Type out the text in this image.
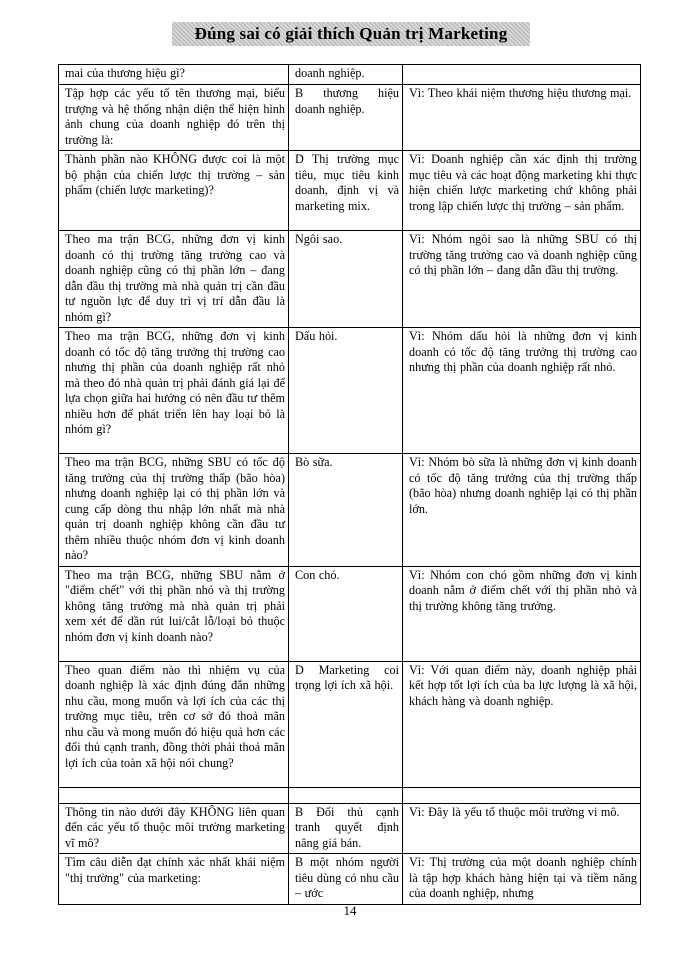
Đúng sai có giải thích Quản trị Marketing
mai của thương hiệu gì?	doanh nghiệp.	
Tập hợp các yếu tố tên thương mại, biểu trượng và hệ thống nhận diện thể hiện hình ảnh chung của doanh nghiệp đó trên thị trường là:	B thương hiệu doanh nghiệp.	Vì: Theo khái niệm thương hiệu thương mại.
Thành phần nào KHÔNG được coi là một bộ phận của chiến lược thị trường – sản phẩm (chiến lược marketing)?	D Thị trường mục tiêu, mục tiêu kinh doanh, định vị và marketing mix.	Vì: Doanh nghiệp cần xác định thị trường mục tiêu và các hoạt động marketing khi thực hiện chiến lược marketing chứ không phải trong lập chiến lược thị trường – sản phẩm.
Theo ma trận BCG, những đơn vị kinh doanh có thị trường tăng trưởng cao và doanh nghiệp cũng có thị phần lớn – đang dẫn đầu thị trường mà nhà quản trị cần đầu tư nguồn lực để duy trì vị trí dẫn đầu là nhóm gì?	Ngôi sao.	Vì: Nhóm ngôi sao là những SBU có thị trường tăng trưởng cao và doanh nghiệp cũng có thị phần lớn – đang dẫn đầu thị trường.
Theo ma trận BCG, những đơn vị kinh doanh có tốc độ tăng trưởng thị trường cao nhưng thị phần của doanh nghiệp rất nhỏ mà theo đó nhà quản trị phải đánh giá lại để lựa chọn giữa hai hướng có nên đầu tư thêm nhiều hơn để phát triển lên hay loại bỏ là nhóm gì?	Dấu hỏi.	Vì: Nhóm dấu hỏi là những đơn vị kinh doanh có tốc độ tăng trưởng thị trường cao nhưng thị phần của doanh nghiệp rất nhỏ.
Theo ma trận BCG, những SBU có tốc độ tăng trưởng của thị trường thấp (bão hòa) nhưng doanh nghiệp lại có thị phần lớn và cung cấp dòng thu nhập lớn nhất mà nhà quản trị doanh nghiệp không cần đầu tư thêm nhiều thuộc nhóm đơn vị kinh doanh nào?	Bò sữa.	Vì: Nhóm bò sữa là những đơn vị kinh doanh có tốc độ tăng trưởng của thị trường thấp (bão hòa) nhưng doanh nghiệp lại có thị phần lớn.
Theo ma trận BCG, những SBU nằm ở "điểm chết" với thị phần nhỏ và thị trường không tăng trưởng mà nhà quản trị phải xem xét để dần rút lui/cắt lỗ/loại bỏ thuộc nhóm đơn vị kinh doanh nào?	Con chó.	Vì: Nhóm con chó gồm những đơn vị kinh doanh nằm ở điểm chết với thị phần nhỏ và thị trường không tăng trưởng.
Theo quan điểm nào thì nhiệm vụ của doanh nghiệp là xác định đúng đắn những nhu cầu, mong muốn và lợi ích của các thị trường mục tiêu, trên cơ sở đó thoả mãn nhu cầu và mong muốn đó hiệu quả hơn các đối thủ cạnh tranh, đồng thời phải thoả mãn lợi ích của toàn xã hội nói chung?	D Marketing coi trọng lợi ích xã hội.	Vì: Với quan điểm này, doanh nghiệp phải kết hợp tốt lợi ích của ba lực lượng là xã hội, khách hàng và doanh nghiệp.

Thông tin nào dưới đây KHÔNG liên quan đến các yếu tố thuộc môi trường marketing vĩ mô?	B Đối thủ cạnh tranh quyết định nâng giá bán.	Vì: Đây là yếu tố thuộc môi trường vi mô.
Tìm câu diễn đạt chính xác nhất khái niệm "thị trường" của marketing:	B một nhóm người tiêu dùng có nhu cầu – ước	Vì: Thị trường của một doanh nghiệp chính là tập hợp khách hàng hiện tại và tiềm năng của doanh nghiệp, nhưng
14
